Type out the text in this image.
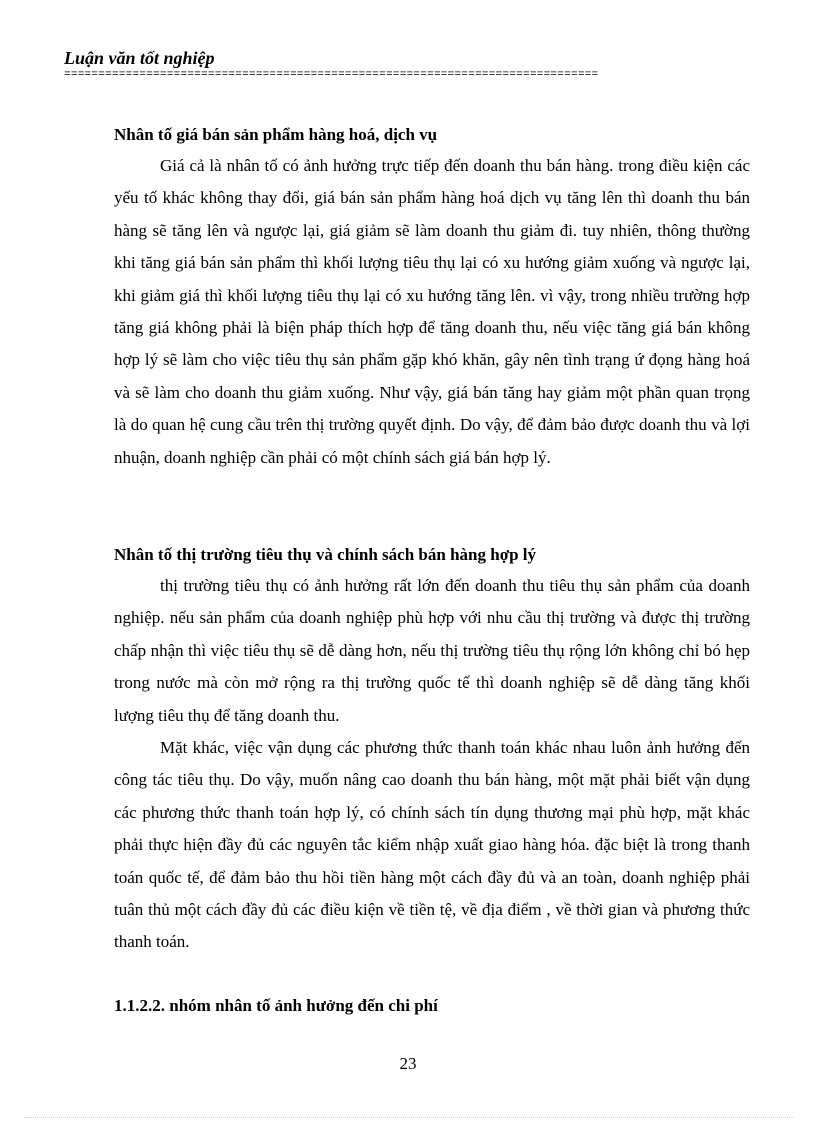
Luận văn tốt nghiệp
==============================================================================
Nhân tố giá bán sản phẩm hàng hoá, dịch vụ
Giá cả là nhân tố có ảnh hưởng trực tiếp đến doanh thu bán hàng. trong điều kiện các yếu tố khác không thay đổi, giá bán sản phẩm hàng hoá dịch vụ tăng lên thì doanh thu bán hàng sẽ tăng lên và ngược lại, giá giảm sẽ làm doanh thu giảm đi. tuy nhiên, thông thường khi tăng giá bán sản phẩm thì khối lượng tiêu thụ lại có xu hướng giảm xuống và ngược lại, khi giảm giá thì khối lượng tiêu thụ lại có xu hướng tăng lên. vì vậy, trong nhiều trường hợp tăng giá không phải là biện pháp thích hợp để tăng doanh thu, nếu việc tăng giá bán không hợp lý sẽ làm cho việc tiêu thụ sản phẩm gặp khó khăn, gây nên tình trạng ứ đọng hàng hoá và sẽ làm cho doanh thu giảm xuống. Như vậy, giá bán tăng hay giảm một phần quan trọng là do quan hệ cung cầu trên thị trường quyết định. Do vậy, để đảm bảo được doanh thu và lợi nhuận, doanh nghiệp cần phải có một chính sách giá bán hợp lý.
Nhân tố thị trường tiêu thụ và chính sách bán hàng hợp lý
thị trường tiêu thụ có ảnh hưởng rất lớn đến doanh thu tiêu thụ sản phẩm của doanh nghiệp. nếu sản phẩm của doanh nghiệp phù hợp với nhu cầu thị trường và được thị trường chấp nhận thì việc tiêu thụ sẽ dễ dàng hơn, nếu thị trường tiêu thụ rộng lớn không chỉ bó hẹp trong nước mà còn mở rộng ra thị trường quốc tế thì doanh nghiệp sẽ dễ dàng tăng khối lượng tiêu thụ để tăng doanh thu.
Mặt khác, việc vận dụng các phương thức thanh toán khác nhau luôn ảnh hưởng đến công tác tiêu thụ. Do vậy, muốn nâng cao doanh thu bán hàng, một mặt phải biết vận dụng các phương thức thanh toán hợp lý, có chính sách tín dụng thương mại phù hợp, mặt khác phải thực hiện đầy đủ các nguyên tắc kiểm nhập xuất giao hàng hóa. đặc biệt là trong thanh toán quốc tế, để đảm bảo thu hồi tiền hàng một cách đầy đủ và an toàn, doanh nghiệp phải tuân thủ một cách đầy đủ các điều kiện về tiền tệ, về địa điểm , về thời gian và phương thức thanh toán.
1.1.2.2. nhóm nhân tố ảnh hưởng đến chi phí
23
